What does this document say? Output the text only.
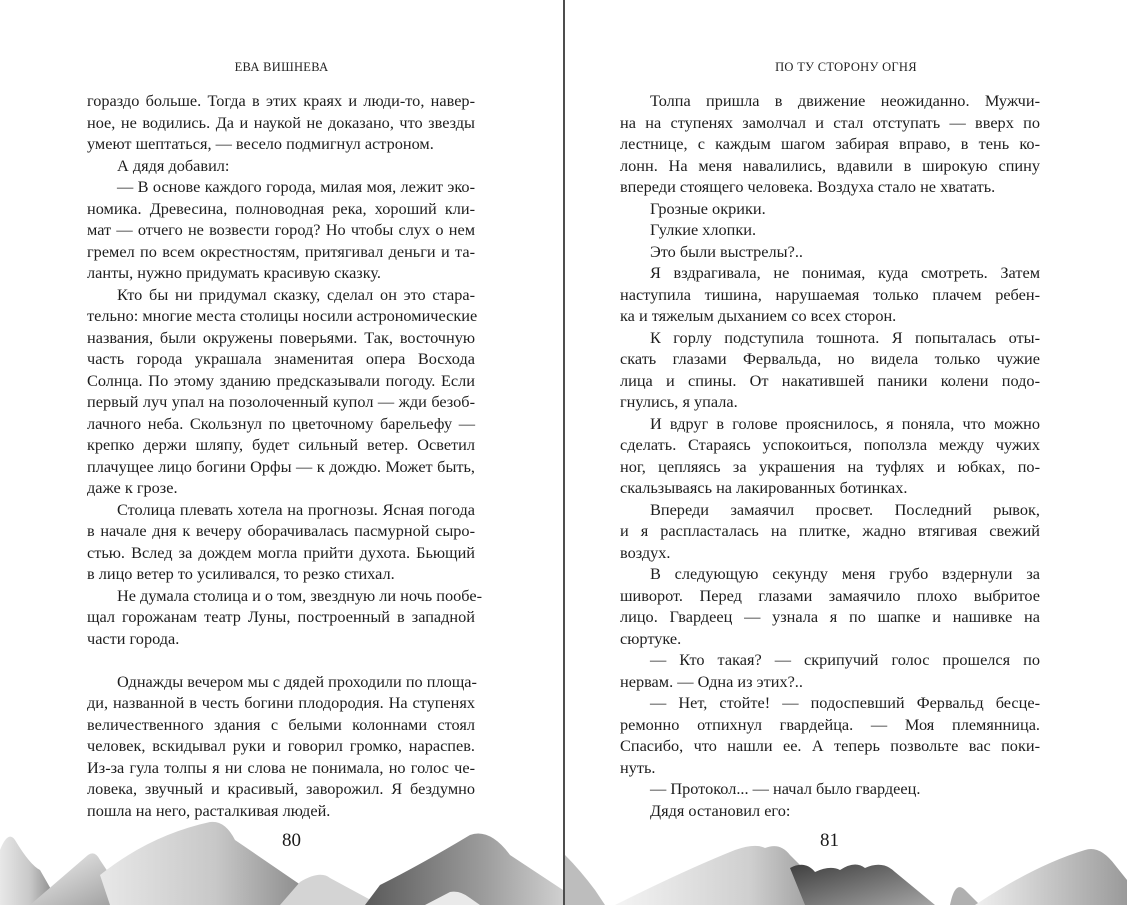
ЕВА ВИШНЕВА
гораздо больше. Тогда в этих краях и люди-то, навер-
ное, не водились. Да и наукой не доказано, что звезды
умеют шептаться, — весело подмигнул астроном.
А дядя добавил:
— В основе каждого города, милая моя, лежит эко-
номика. Древесина, полноводная река, хороший кли-
мат — отчего не возвести город? Но чтобы слух о нем
гремел по всем окрестностям, притягивал деньги и та-
ланты, нужно придумать красивую сказку.
Кто бы ни придумал сказку, сделал он это стара-
тельно: многие места столицы носили астрономические
названия, были окружены поверьями. Так, восточную
часть города украшала знаменитая опера Восхода
Солнца. По этому зданию предсказывали погоду. Если
первый луч упал на позолоченный купол — жди безоб-
лачного неба. Скользнул по цветочному барельефу —
крепко держи шляпу, будет сильный ветер. Осветил
плачущее лицо богини Орфы — к дождю. Может быть,
даже к грозе.
Столица плевать хотела на прогнозы. Ясная погода
в начале дня к вечеру оборачивалась пасмурной сыро-
стью. Вслед за дождем могла прийти духота. Бьющий
в лицо ветер то усиливался, то резко стихал.
Не думала столица и о том, звездную ли ночь пообе-
щал горожанам театр Луны, построенный в западной
части города.
Однажды вечером мы с дядей проходили по площа-
ди, названной в честь богини плодородия. На ступенях
величественного здания с белыми колоннами стоял
человек, вскидывал руки и говорил громко, нараспев.
Из-за гула толпы я ни слова не понимала, но голос че-
ловека, звучный и красивый, заворожил. Я бездумно
пошла на него, расталкивая людей.
80
ПО ТУ СТОРОНУ ОГНЯ
Толпа пришла в движение неожиданно. Мужчи-
на на ступенях замолчал и стал отступать — вверх по
лестнице, с каждым шагом забирая вправо, в тень ко-
лонн. На меня навалились, вдавили в широкую спину
впереди стоящего человека. Воздуха стало не хватать.
Грозные окрики.
Гулкие хлопки.
Это были выстрелы?..
Я вздрагивала, не понимая, куда смотреть. Затем
наступила тишина, нарушаемая только плачем ребен-
ка и тяжелым дыханием со всех сторон.
К горлу подступила тошнота. Я попыталась оты-
скать глазами Фервальда, но видела только чужие
лица и спины. От накатившей паники колени подо-
гнулись, я упала.
И вдруг в голове прояснилось, я поняла, что можно
сделать. Стараясь успокоиться, поползла между чужих
ног, цепляясь за украшения на туфлях и юбках, по-
скальзываясь на лакированных ботинках.
Впереди замаячил просвет. Последний рывок,
и я распласталась на плитке, жадно втягивая свежий
воздух.
В следующую секунду меня грубо вздернули за
шиворот. Перед глазами замаячило плохо выбритое
лицо. Гвардеец — узнала я по шапке и нашивке на
сюртуке.
— Кто такая? — скрипучий голос прошелся по
нервам. — Одна из этих?..
— Нет, стойте! — подоспевший Фервальд бесце-
ремонно отпихнул гвардейца. — Моя племянница.
Спасибо, что нашли ее. А теперь позвольте вас поки-
нуть.
— Протокол... — начал было гвардеец.
Дядя остановил его:
81
